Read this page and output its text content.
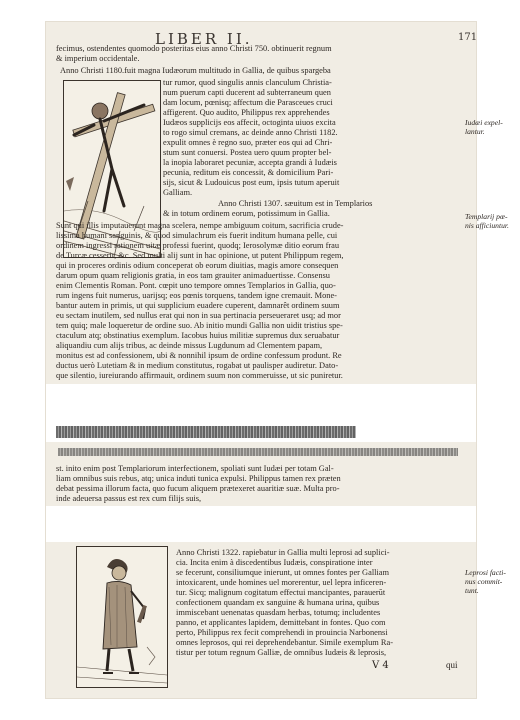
LIBER II.	171
fecimus, ostendentes quomodo posteritas eius anno Christi 750. obtinuerit regnum
& imperium occidentale.
Anno Christi 1180.fuit magna Iudæorum multitudo in Gallia, de quibus spargeba
tur rumor, quod singulis annis clanculum Christia-
num puerum capti ducerent ad subterraneum quen
dam locum, pœnisq; affectum die Parasceues cruci
affigerent. Quo audito, Philippus rex apprehendes
Iudæos supplicijs eos affecit, octoginta uiuos excita
to rogo simul cremans, ac deinde anno Christi 1182.
expulit omnes è regno suo, præter eos qui ad Chri-
stum sunt conuersi. Postea uero quum propter bel-
la inopia laboraret pecuniæ, accepta grandi à Iudæis
pecunia, reditum eis concessit, & domicilium Pari-
sijs, sicut & Ludouicus post eum, ipsis tutum aperuit
Galliam.
Anno Christi 1307. sæuitum est in Templarios
& in totum ordinem eorum, potissimum in Gallia.
Iudæi expel-lantur.
Templarij pœ-nis afficiuntur.
Sunt qui illis imputauerunt magna scelera, nempe ambiguum coitum, sacrificia crude-
lissima humani sanguinis, & quod simulachrum eis fuerit inditum humana pelle, cui
ordinem ingressi rationem uitæ professi fuerint, quodq; Ierosolymæ ditio eorum frau
de Turcæ cesserit, &c. Sed multi alij sunt in hac opinione, ut putent Philippum regem,
qui in proceres ordinis odium conceperat ob eorum diuitias, magis amore consequen
darum opum quam religionis gratia, in eos tam grauiter animaduertisse. Consensu
enim Clementis Roman. Pont. cœpit uno tempore omnes Templarios in Gallia, quo-
rum ingens fuit numerus, uarijsq; eos pœnis torquens, tandem igne cremauit. Mone-
bantur autem in primis, ut qui supplicium euadere cuperent, damnarêt ordinem suum
eu sectam inutilem, sed nullus erat qui non in sua pertinacia perseueraret usq; ad mor
tem quiq; male loqueretur de ordine suo. Ab initio mundi Gallia non uidit tristius spe-
ctaculum atq; obstinatius exemplum. Iacobus huius militiæ supremus dux seruabatur
aliquandiu cum alijs tribus, ac deinde missus Lugdunum ad Clementem papam,
monitus est ad confessionem, ubi & nonnihil ipsum de ordine confessum produnt. Re
ductus uerò Lutetiam & in medium constitutus, rogabat ut paulisper audiretur. Dato-
que silentio, iureiurando affirmauit, ordinem suum non commeruisse, ut sic puniretur.
st. inito enim post Templariorum interfectionem, spoliati sunt Iudæi per totam Gal-
liam omnibus suis rebus, atq; unica induti tunica expulsi. Philippus tamen rex præten
debat pessima illorum facta, quo fucum aliquem prætexeret auaritiæ suæ. Multa pro-
inde adeuersa passus est rex cum filijs suis,
Anno Christi 1322. rapiebatur in Gallia multi leprosi ad suplici-
cia. Incita enim à discedentibus Iudæis, conspiratione inter
se fecerunt, consiliumque inierunt, ut omnes fontes per Galliam
intoxicarent, unde homines uel morerentur, uel lepra inficeren-
tur. Sicq; malignum cogitatum effectui mancipantes, parauerūt
confectionem quandam ex sanguine & humana urina, quibus
immiscebant uenenatas quasdam herbas, totumq; includentes
panno, et applicantes lapidem, demittebant in fontes. Quo com
perto, Philippus rex fecit comprehendi in prouincia Narbonensi
omnes leprosos, qui rei deprehendebantur. Simile exemplum Ra-
tistur per totum regnum Galliæ, de omnibus Iudæis & leprosis,
Leprosi facti-nus commit-tunt.
V 4	qui
